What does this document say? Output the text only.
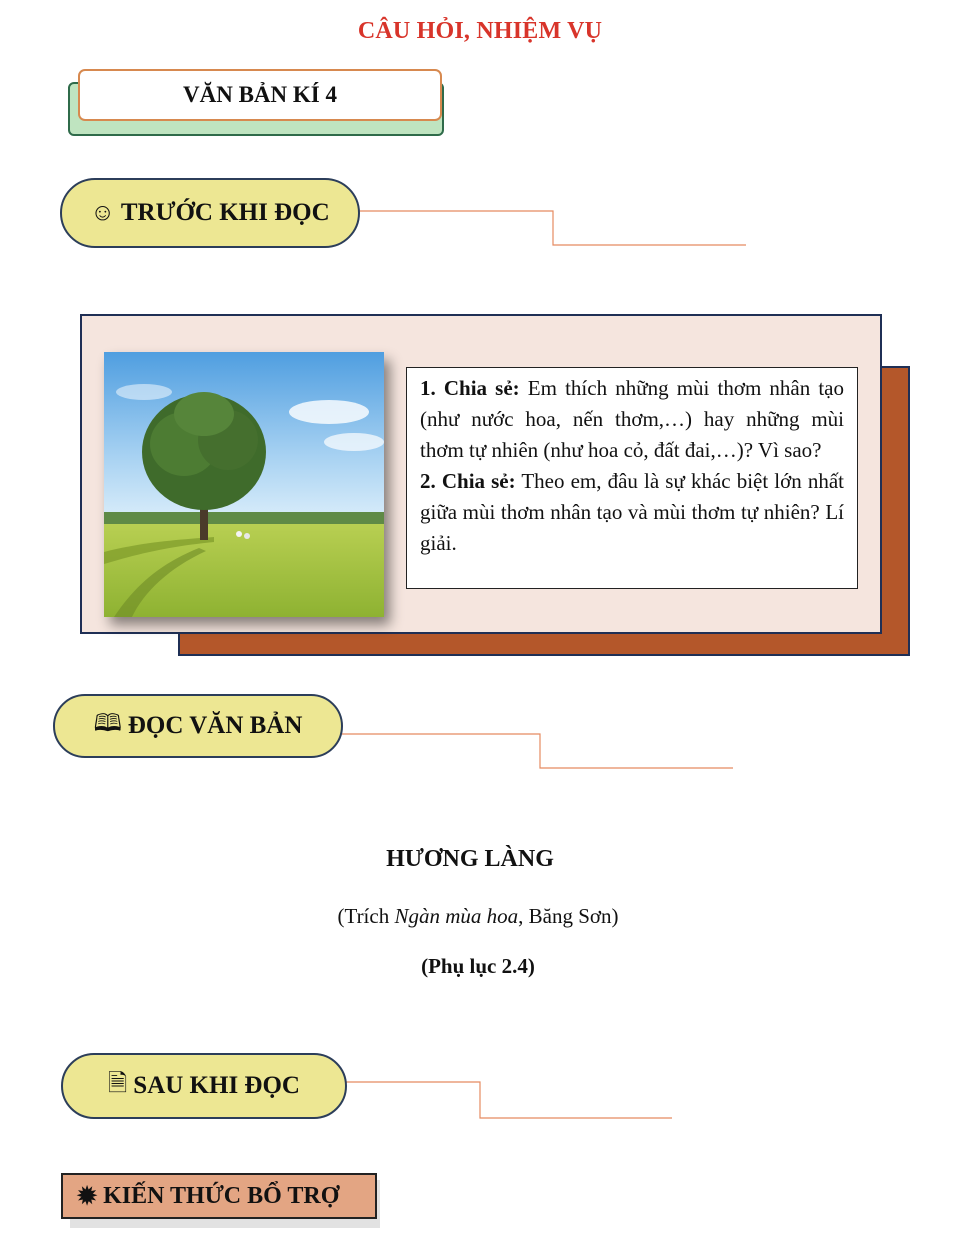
CÂU HỎI, NHIỆM VỤ
VĂN BẢN KÍ 4
☺ TRƯỚC KHI ĐỌC

1. Chia sẻ: Em thích những mùi thơm nhân tạo (như nước hoa, nến thơm,…) hay những mùi thơm tự nhiên (như hoa cỏ, đất đai,…)? Vì sao?

2. Chia sẻ: Theo em, đâu là sự khác biệt lớn nhất giữa mùi thơm nhân tạo và mùi thơm tự nhiên? Lí giải.

🕮 ĐỌC VĂN BẢN
HƯƠNG LÀNG
(Trích Ngàn mùa hoa, Băng Sơn)
(Phụ lục 2.4)
🗎 SAU KHI ĐỌC
✹ KIẾN THỨC BỔ TRỢ
